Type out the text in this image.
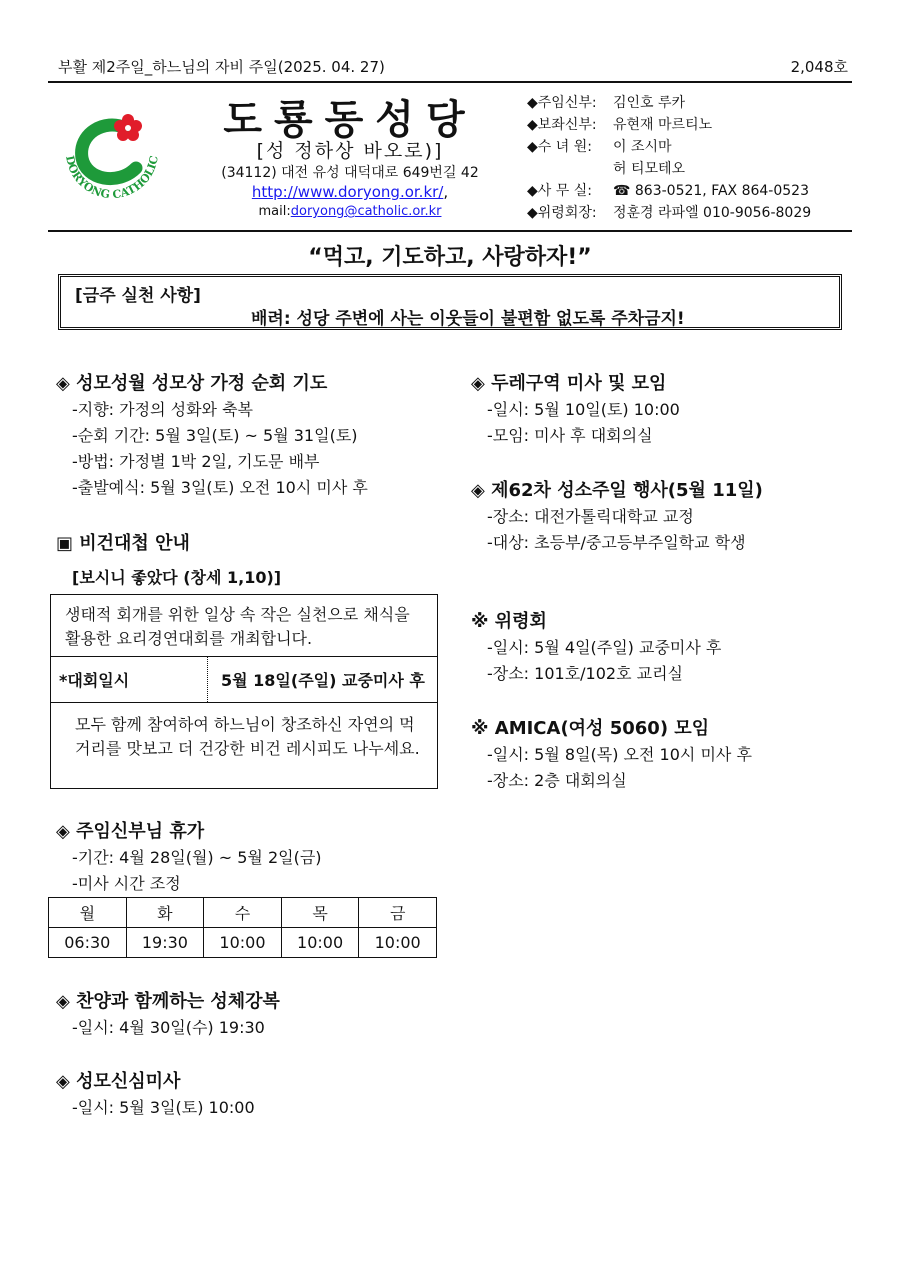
부활 제2주일_하느님의 자비 주일(2025. 04. 27)	2,048호
DORYONG CATHOLIC
도룡동성당
[성 정하상 바오로)]
(34112) 대전 유성 대덕대로 649번길 42
http://www.doryong.or.kr/,
mail:doryong@catholic.or.kr
◆주임신부:	김인호 루카
◆보좌신부:	유현재 마르티노
◆수 녀 원:	이 조시마
허 티모테오
◆사 무 실:	☎ 863-0521, FAX 864-0523
◆위령회장:	정훈경 라파엘 010-9056-8029
“먹고, 기도하고, 사랑하자!”
[금주 실천 사항]
배려: 성당 주변에 사는 이웃들이 불편함 없도록 주차금지!
◈ 성모성월 성모상 가정 순회 기도
-지향: 가정의 성화와 축복
-순회 기간: 5월 3일(토) ~ 5월 31일(토)
-방법: 가정별 1박 2일, 기도문 배부
-출발예식: 5월 3일(토) 오전 10시 미사 후
▣ 비건대첩 안내
[보시니 좋았다 (창세 1,10)]
생태적 회개를 위한 일상 속 작은 실천으로 채식을 활용한 요리경연대회를 개최합니다.
*대회일시	5월 18일(주일) 교중미사 후
모두 함께 참여하여 하느님이 창조하신 자연의 먹거리를 맛보고 더 건강한 비건 레시피도 나누세요.
◈ 주임신부님 휴가
-기간: 4월 28일(월) ~ 5월 2일(금)
-미사 시간 조정
월	화	수	목	금
06:30	19:30	10:00	10:00	10:00
◈ 찬양과 함께하는 성체강복
-일시: 4월 30일(수) 19:30
◈ 성모신심미사
-일시: 5월 3일(토) 10:00
◈ 두레구역 미사 및 모임
-일시: 5월 10일(토) 10:00
-모임: 미사 후 대회의실
◈ 제62차 성소주일 행사(5월 11일)
-장소: 대전가톨릭대학교 교정
-대상: 초등부/중고등부주일학교 학생
※ 위령회
-일시: 5월 4일(주일) 교중미사 후
-장소: 101호/102호 교리실
※ AMICA(여성 5060) 모임
-일시: 5월 8일(목) 오전 10시 미사 후
-장소: 2층 대회의실
